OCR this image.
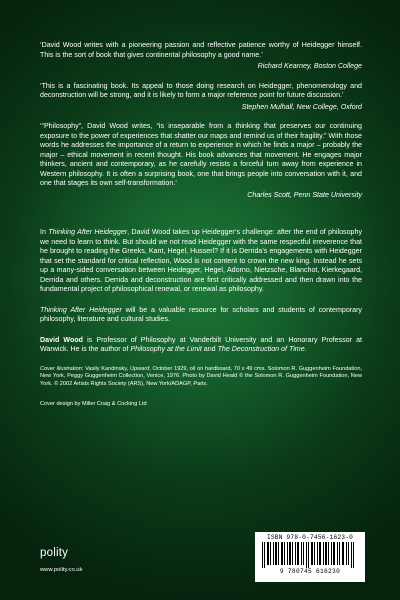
‘David Wood writes with a pioneering passion and reflective patience worthy of Heidegger himself. This is the sort of book that gives continental philosophy a good name.’

Richard Kearney, Boston College

‘This is a fascinating book. Its appeal to those doing research on Heidegger, phenomenology and deconstruction will be strong, and it is likely to form a major reference point for future discussion.’

Stephen Mulhall, New College, Oxford

‘“Philosophy”, David Wood writes, “is inseparable from a thinking that preserves our continuing exposure to the power of experiences that shatter our maps and remind us of their fragility.” With those words he addresses the importance of a return to experience in which he finds a major – probably the major – ethical movement in recent thought. His book advances that movement. He engages major thinkers, ancient and contemporary, as he carefully resists a forceful turn away from experience in Western philosophy. It is often a surprising book, one that brings people into conversation with it, and one that stages its own self-transformation.’

Charles Scott, Penn State University

In Thinking After Heidegger, David Wood takes up Heidegger’s challenge: after the end of philosophy we need to learn to think. But should we not read Heidegger with the same respectful irreverence that he brought to reading the Greeks, Kant, Hegel, Husserl? If it is Derrida’s engagements with Heidegger that set the standard for critical reflection, Wood is not content to crown the new king. Instead he sets up a many-sided conversation between Heidegger, Hegel, Adorno, Nietzsche, Blanchot, Kierkegaard, Derrida and others. Derrida and deconstruction are first critically addressed and then drawn into the fundamental project of philosophical renewal, or renewal as philosophy.

Thinking After Heidegger will be a valuable resource for scholars and students of contemporary philosophy, literature and cultural studies.

David Wood is Professor of Philosophy at Vanderbilt University and an Honorary Professor at Warwick. He is the author of Philosophy at the Limit and The Deconstruction of Time.

Cover illustration: Vasily Kandinsky, Upward, October 1929, oil on hardboard, 70 x 49 cms. Solomon R. Guggenheim Foundation, New York, Peggy Guggenheim Collection, Venice, 1976. Photo by David Heald © the Solomon R. Guggenheim Foundation, New York. © 2002 Artists Rights Society (ARS), New York/ADAGP, Paris.

Cover design by Miller Craig & Cocking Ltd

polity
www.polity.co.uk
ISBN 978-0-7456-1623-0
9 780745 616230
